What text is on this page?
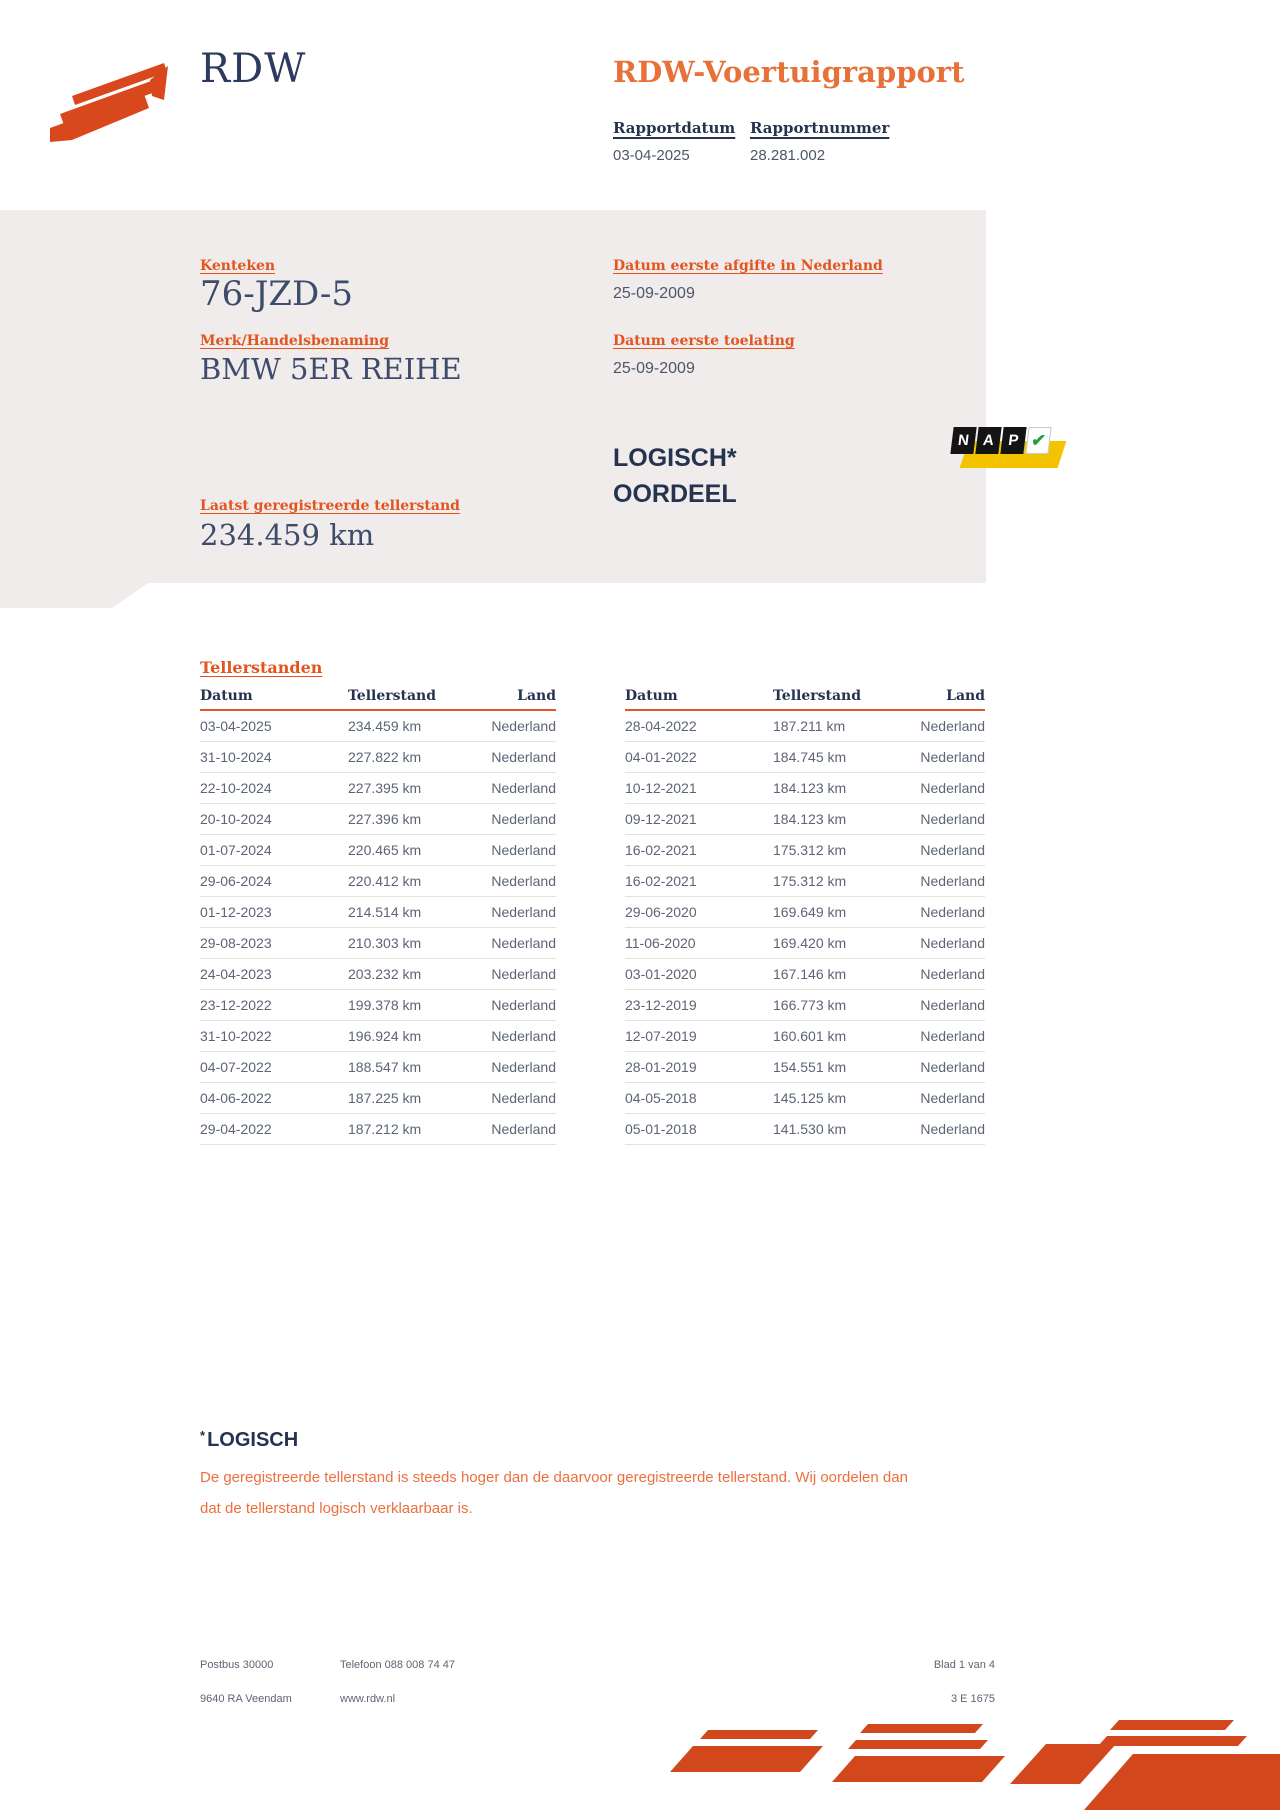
RDW	RDW-Voertuigrapport
Rapportdatum Rapportnummer
03-04-2025	28.281.002
Kenteken
76-JZD-5
Merk/Handelsbenaming
BMW 5ER REIHE
Datum eerste afgifte in Nederland
25-09-2009
Datum eerste toelating
25-09-2009
LOGISCH*
OORDEEL
N A P ✔
Laatst geregistreerde tellerstand
234.459 km
Tellerstanden
Datum	Tellerstand	Land
03-04-2025	234.459 km	Nederland
31-10-2024	227.822 km	Nederland
22-10-2024	227.395 km	Nederland
20-10-2024	227.396 km	Nederland
01-07-2024	220.465 km	Nederland
29-06-2024	220.412 km	Nederland
01-12-2023	214.514 km	Nederland
29-08-2023	210.303 km	Nederland
24-04-2023	203.232 km	Nederland
23-12-2022	199.378 km	Nederland
31-10-2022	196.924 km	Nederland
04-07-2022	188.547 km	Nederland
04-06-2022	187.225 km	Nederland
29-04-2022	187.212 km	Nederland
Datum	Tellerstand	Land
28-04-2022	187.211 km	Nederland
04-01-2022	184.745 km	Nederland
10-12-2021	184.123 km	Nederland
09-12-2021	184.123 km	Nederland
16-02-2021	175.312 km	Nederland
16-02-2021	175.312 km	Nederland
29-06-2020	169.649 km	Nederland
11-06-2020	169.420 km	Nederland
03-01-2020	167.146 km	Nederland
23-12-2019	166.773 km	Nederland
12-07-2019	160.601 km	Nederland
28-01-2019	154.551 km	Nederland
04-05-2018	145.125 km	Nederland
05-01-2018	141.530 km	Nederland
* LOGISCH
De geregistreerde tellerstand is steeds hoger dan de daarvoor geregistreerde tellerstand. Wij oordelen dan
dat de tellerstand logisch verklaarbaar is.
Postbus 30000
9640 RA Veendam
Telefoon 088 008 74 47
www.rdw.nl
Blad 1 van 4
3 E 1675
